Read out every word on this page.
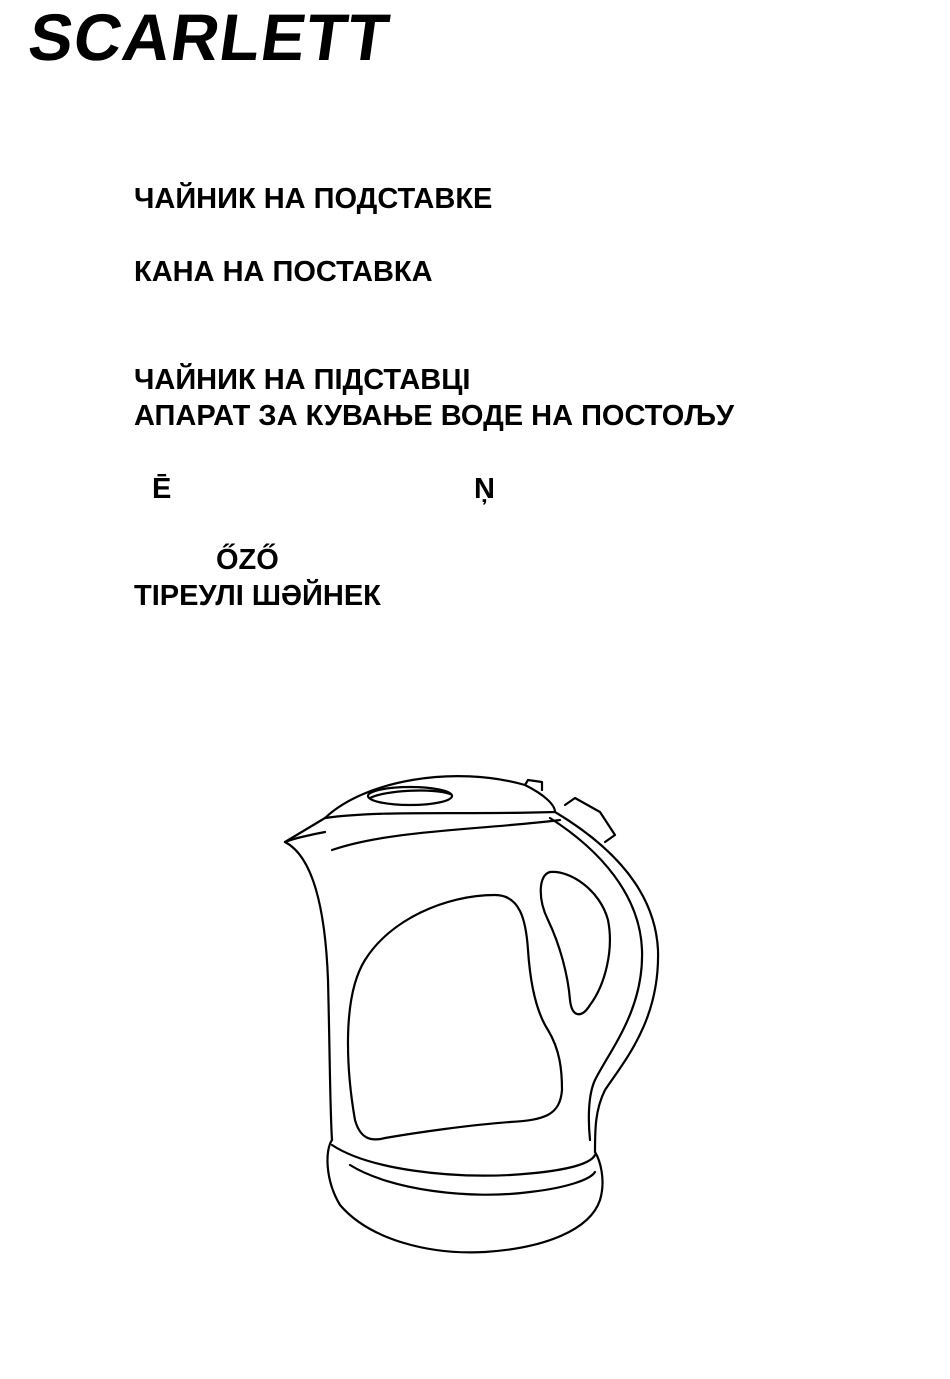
SCARLETT
ЧАЙНИК НА ПОДСТАВКЕ
КАНА НА ПОСТАВКА
ЧАЙНИК НА ПІДСТАВЦІ
АПАРАТ ЗА КУВАЊЕ ВОДЕ НА ПОСТОЉУ
Ē	Ņ
ŐZŐ
ТІРЕУЛІ ШӘЙНЕК
